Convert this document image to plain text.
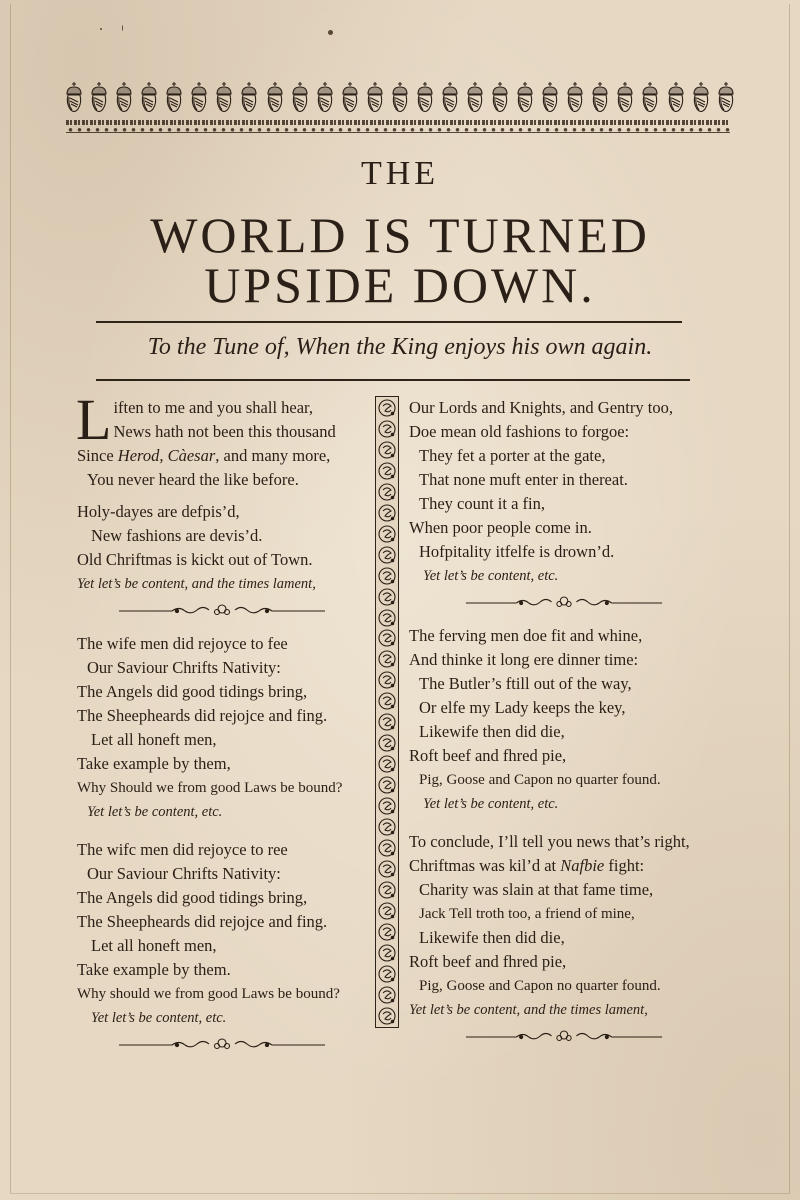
THE
WORLD IS TURNED
UPSIDE DOWN.
To the Tune of, When the King enjoys his own again.
L iften to me and you shall hear,
News hath not been this thousand
Since Herod, Càesar, and many more,
You never heard the like before.
Holy-dayes are defpis’d,
New fashions are devis’d.
Old Chriftmas is kickt out of Town.
Yet let’s be content, and the times lament,
The wife men did rejoyce to fee
Our Saviour Chrifts Nativity:
The Angels did good tidings bring,
The Sheepheards did rejojce and fing.
Let all honeft men,
Take example by them,
Why Should we from good Laws be bound?
Yet let’s be content, etc.
The wifc men did rejoyce to ree
Our Saviour Chrifts Nativity:
The Angels did good tidings bring,
The Sheepheards did rejojce and fing.
Let all honeft men,
Take example by them.
Why should we from good Laws be bound?
Yet let’s be content, etc.
Our Lords and Knights, and Gentry too,
Doe mean old fashions to forgoe:
They fet a porter at the gate,
That none muft enter in thereat.
They count it a fin,
When poor people come in.
Hofpitality itfelfe is drown’d.
Yet let’s be content, etc.
The ferving men doe fit and whine,
And thinke it long ere dinner time:
The Butler’s ftill out of the way,
Or elfe my Lady keeps the key,
Likewife then did die,
Roft beef and fhred pie,
Pig, Goose and Capon no quarter found.
Yet let’s be content, etc.
To conclude, I’ll tell you news that’s right,
Chriftmas was kil’d at Nafbie fight:
Charity was slain at that fame time,
Jack Tell troth too, a friend of mine,
Likewife then did die,
Roft beef and fhred pie,
Pig, Goose and Capon no quarter found.
Yet let’s be content, and the times lament,
